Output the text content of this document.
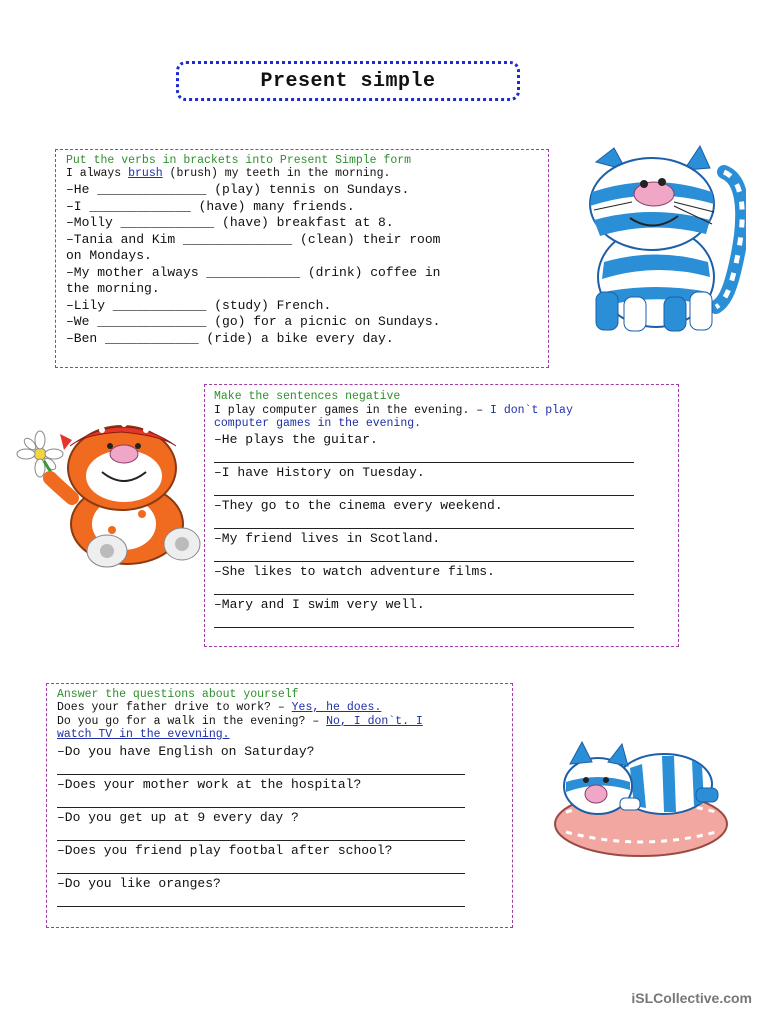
Present simple
Put the verbs in brackets into Present Simple form
I always brush (brush) my teeth in the morning.
–He ______________ (play) tennis on Sundays.
–I _____________ (have) many friends.
–Molly ____________ (have) breakfast at 8.
–Tania and Kim ______________ (clean) their room
on Mondays.
–My mother always ____________ (drink) coffee in
the morning.
–Lily ____________ (study) French.
–We ______________ (go) for a picnic on Sundays.
–Ben ____________ (ride) a bike every day.
Make the sentences negative
I play computer games in the evening. – I don`t play
computer games in the evening.
–He plays the guitar.
–I have History on Tuesday.
–They go to the cinema every weekend.
–My friend lives in Scotland.
–She likes to watch adventure films.
–Mary and I swim very well.
Answer the questions about yourself
Does your father drive to work? – Yes, he does.
Do you go for a walk in the evening? – No, I don`t. I
watch TV in the evevning.
–Do you have English on Saturday?
–Does your mother work at the hospital?
–Do you get up at 9 every day ?
–Does you friend play footbal after school?
–Do you like oranges?
iSLCollective.com
